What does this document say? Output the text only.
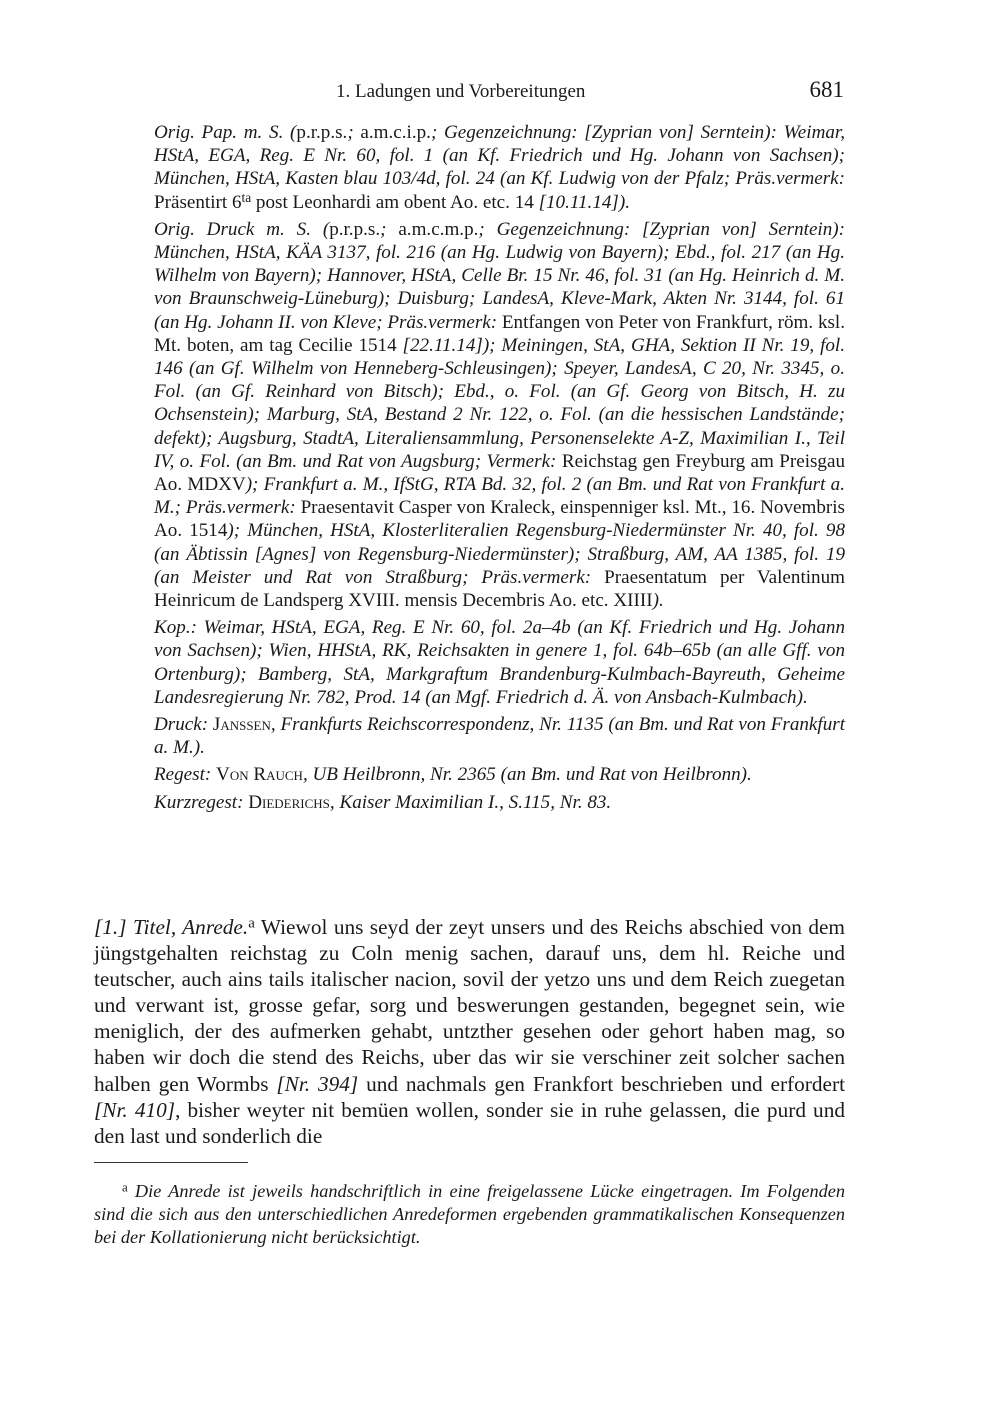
1. Ladungen und Vorbereitungen	681

Orig. Pap. m. S. (p.r.p.s.; a.m.c.i.p.; Gegenzeichnung: [Zyprian von] Serntein): Weimar, HStA, EGA, Reg. E Nr. 60, fol. 1 (an Kf. Friedrich und Hg. Johann von Sachsen); München, HStA, Kasten blau 103/4d, fol. 24 (an Kf. Ludwig von der Pfalz; Präs.vermerk: Präsentirt $6^{ta}$ post Leonhardi am obent Ao. etc. 14 [10.11.14]).

Orig. Druck m. S. (p.r.p.s.; a.m.c.m.p.; Gegenzeichnung: [Zyprian von] Serntein): München, HStA, KÄA 3137, fol. 216 (an Hg. Ludwig von Bayern); Ebd., fol. 217 (an Hg. Wilhelm von Bayern); Hannover, HStA, Celle Br. 15 Nr. 46, fol. 31 (an Hg. Heinrich d. M. von Braunschweig-Lüneburg); Duisburg; LandesA, Kleve-Mark, Akten Nr. 3144, fol. 61 (an Hg. Johann II. von Kleve; Präs.vermerk: Entfangen von Peter von Frankfurt, röm. ksl. Mt. boten, am tag Cecilie 1514 [22.11.14]); Meiningen, StA, GHA, Sektion II Nr. 19, fol. 146 (an Gf. Wilhelm von Henneberg-Schleusingen); Speyer, LandesA, C 20, Nr. 3345, o. Fol. (an Gf. Reinhard von Bitsch); Ebd., o. Fol. (an Gf. Georg von Bitsch, H. zu Ochsenstein); Marburg, StA, Bestand 2 Nr. 122, o. Fol. (an die hessischen Landstände; defekt); Augsburg, StadtA, Literaliensammlung, Personenselekte A-Z, Maximilian I., Teil IV, o. Fol. (an Bm. und Rat von Augsburg; Vermerk: Reichstag gen Freyburg am Preisgau Ao. MDXV); Frankfurt a. M., IfStG, RTA Bd. 32, fol. 2 (an Bm. und Rat von Frankfurt a. M.; Präs.vermerk: Praesentavit Casper von Kraleck, einspenniger ksl. Mt., 16. Novembris Ao. 1514); München, HStA, Klosterliteralien Regensburg-Niedermünster Nr. 40, fol. 98 (an Äbtissin [Agnes] von Regensburg-Niedermünster); Straßburg, AM, AA 1385, fol. 19 (an Meister und Rat von Straßburg; Präs.vermerk: Praesentatum per Valentinum Heinricum de Landsperg XVIII. mensis Decembris Ao. etc. XIIII).

Kop.: Weimar, HStA, EGA, Reg. E Nr. 60, fol. 2a–4b (an Kf. Friedrich und Hg. Johann von Sachsen); Wien, HHStA, RK, Reichsakten in genere 1, fol. 64b–65b (an alle Gff. von Ortenburg); Bamberg, StA, Markgraftum Brandenburg-Kulmbach-Bayreuth, Geheime Landesregierung Nr. 782, Prod. 14 (an Mgf. Friedrich d. Ä. von Ansbach-Kulmbach).

Druck: Janssen, Frankfurts Reichscorrespondenz, Nr. 1135 (an Bm. und Rat von Frankfurt a. M.).

Regest: Von Rauch, UB Heilbronn, Nr. 2365 (an Bm. und Rat von Heilbronn).

Kurzregest: Diederichs, Kaiser Maximilian I., S.115, Nr. 83.

[1.] Titel, Anrede.$^a$ Wiewol uns seyd der zeyt unsers und des Reichs abschied von dem jüngstgehalten reichstag zu Coln menig sachen, darauf uns, dem hl. Reiche und teutscher, auch ains tails italischer nacion, sovil der yetzo uns und dem Reich zuegetan und verwant ist, grosse gefar, sorg und beswerungen gestanden, begegnet sein, wie meniglich, der des aufmerken gehabt, untzther gesehen oder gehort haben mag, so haben wir doch die stend des Reichs, uber das wir sie verschiner zeit solcher sachen halben gen Wormbs [Nr. 394] und nachmals gen Frankfort beschrieben und erfordert [Nr. 410], bisher weyter nit bemüen wollen, sonder sie in ruhe gelassen, die purd und den last und sonderlich die

$^a$ Die Anrede ist jeweils handschriftlich in eine freigelassene Lücke eingetragen. Im Folgenden sind die sich aus den unterschiedlichen Anredeformen ergebenden grammatikalischen Konsequenzen bei der Kollationierung nicht berücksichtigt.
